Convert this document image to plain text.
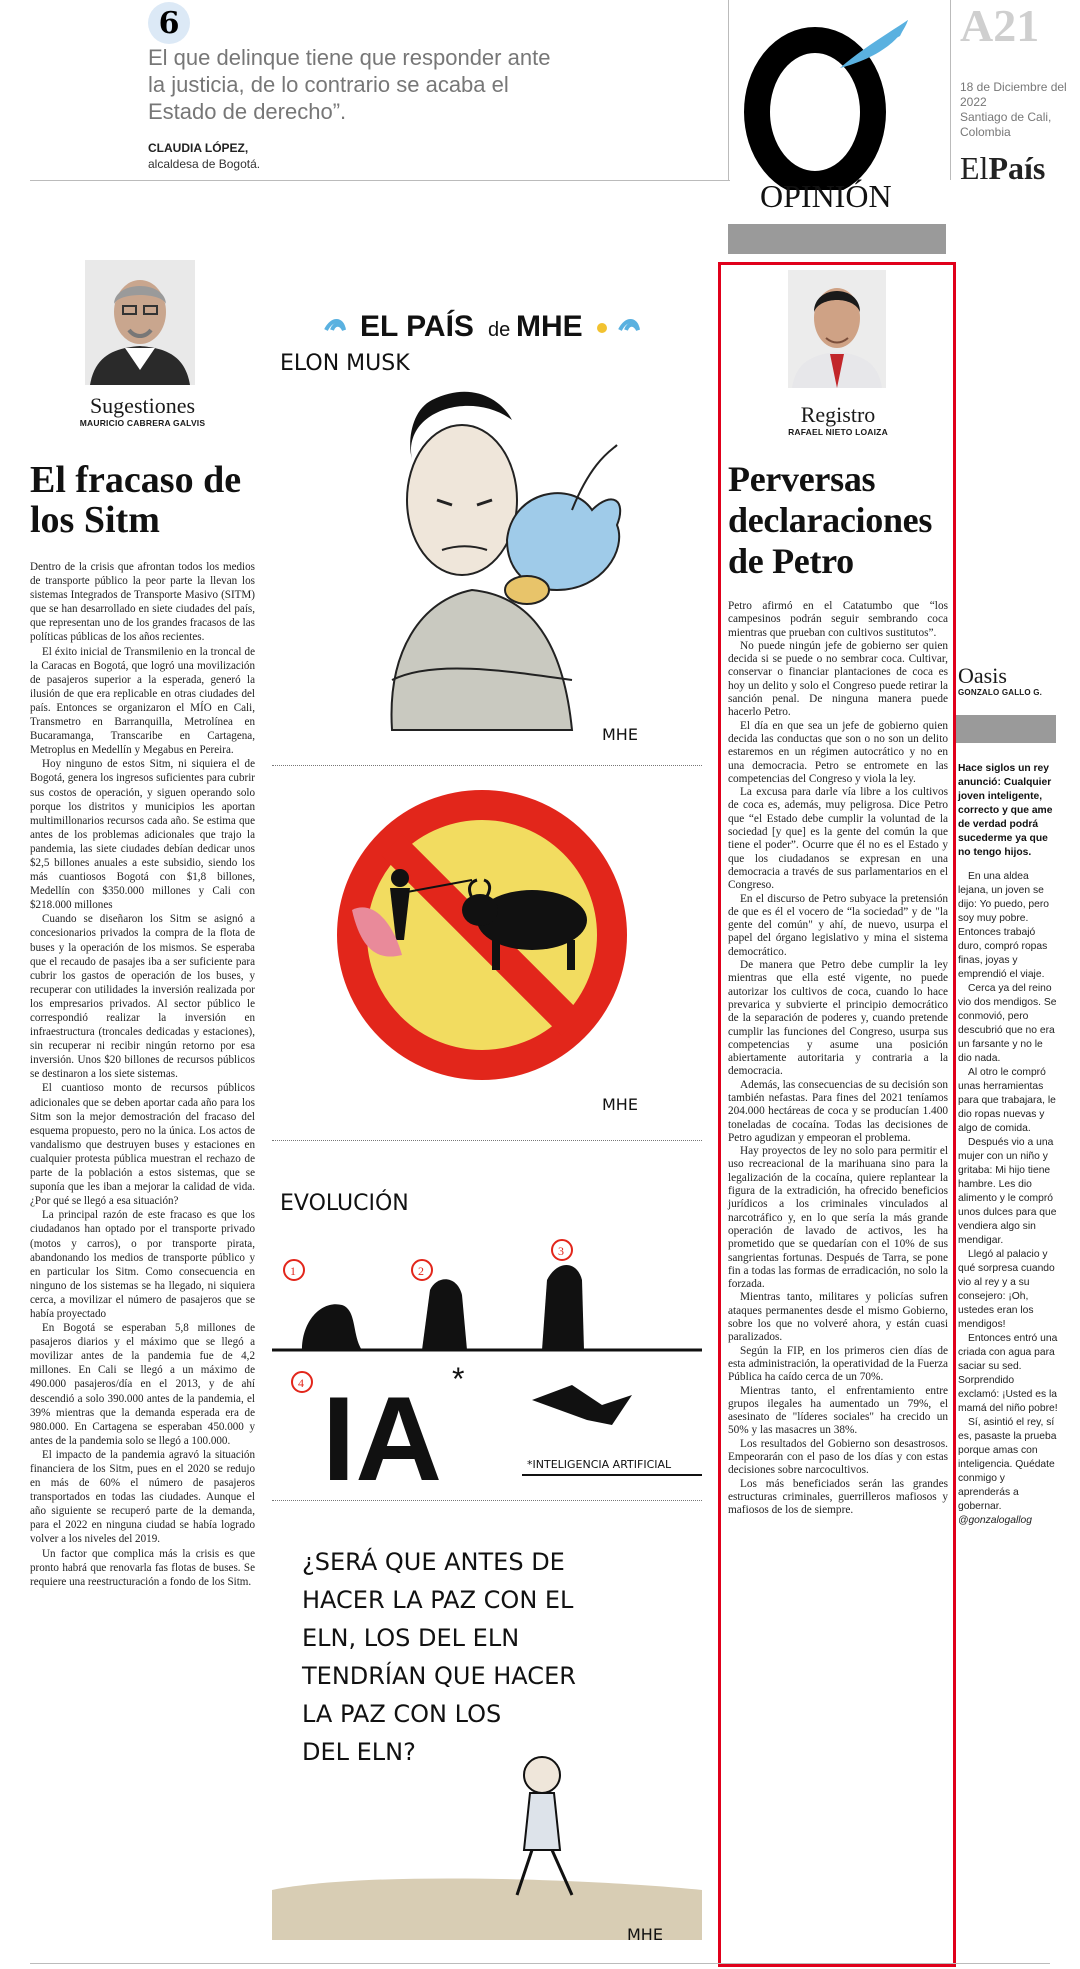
6
El que delinque tiene que responder ante la justicia, de lo contrario se acaba el Estado de derecho”.
CLAUDIA LÓPEZ,
alcaldesa de Bogotá.
OPINIÓN
A21
18 de Diciembre del 2022
Santiago de Cali, Colombia
ElPaís
Sugestiones
MAURICIO CABRERA GALVIS
El fracaso de los Sitm

Dentro de la crisis que afrontan todos los medios de transporte público la peor parte la llevan los sistemas Integrados de Transporte Masivo (SITM) que se han desarrollado en siete ciudades del país, que representan uno de los grandes fracasos de las políticas públicas de los años recientes.

El éxito inicial de Transmilenio en la troncal de la Caracas en Bogotá, que logró una movilización de pasajeros superior a la esperada, generó la ilusión de que era replicable en otras ciudades del país. Entonces se organizaron el MÍO en Cali, Transmetro en Barranquilla, Metrolínea en Bucaramanga, Transcaribe en Cartagena, Metroplus en Medellín y Megabus en Pereira.

Hoy ninguno de estos Sitm, ni siquiera el de Bogotá, genera los ingresos suficientes para cubrir sus costos de operación, y siguen operando solo porque los distritos y municipios les aportan multimillonarios recursos cada año. Se estima que antes de los problemas adicionales que trajo la pandemia, las siete ciudades debían dedicar unos $2,5 billones anuales a este subsidio, siendo los más cuantiosos Bogotá con $1,8 billones, Medellín con $350.000 millones y Cali con $218.000 millones

Cuando se diseñaron los Sitm se asignó a concesionarios privados la compra de la flota de buses y la operación de los mismos. Se esperaba que el recaudo de pasajes iba a ser suficiente para cubrir los gastos de operación de los buses, y recuperar con utilidades la inversión realizada por los empresarios privados. Al sector público le correspondió realizar la inversión en infraestructura (troncales dedicadas y estaciones), sin recuperar ni recibir ningún retorno por esa inversión. Unos $20 billones de recursos públicos se destinaron a los siete sistemas.

El cuantioso monto de recursos públicos adicionales que se deben aportar cada año para los Sitm son la mejor demostración del fracaso del esquema propuesto, pero no la única. Los actos de vandalismo que destruyen buses y estaciones en cualquier protesta pública muestran el rechazo de parte de la población a estos sistemas, que se suponía que les iban a mejorar la calidad de vida. ¿Por qué se llegó a esa situación?

La principal razón de este fracaso es que los ciudadanos han optado por el transporte privado (motos y carros), o por transporte pirata, abandonando los medios de transporte público y en particular los Sitm. Como consecuencia en ninguno de los sistemas se ha llegado, ni siquiera cerca, a movilizar el número de pasajeros que se había proyectado

En Bogotá se esperaban 5,8 millones de pasajeros diarios y el máximo que se llegó a movilizar antes de la pandemia fue de 4,2 millones. En Cali se llegó a un máximo de 490.000 pasajeros/día en el 2013, y de ahí descendió a solo 390.000 antes de la pandemia, el 39% mientras que la demanda esperada era de 980.000. En Cartagena se esperaban 450.000 y antes de la pandemia solo se llegó a 100.000.

El impacto de la pandemia agravó la situación financiera de los Sitm, pues en el 2020 se redujo en más de 60% el número de pasajeros transportados en todas las ciudades. Aunque el año siguiente se recuperó parte de la demanda, para el 2022 en ninguna ciudad se había logrado volver a los niveles del 2019.

Un factor que complica más la crisis es que pronto habrá que renovarla fas flotas de buses. Se requiere una reestructuración a fondo de los Sitm.

EL PAÍS de MHE
ELON MUSK
MHE
MHE
EVOLUCIÓN
1	2
3
4 IA *
*INTELIGENCIA ARTIFICIAL
¿SERÁ QUE ANTES DE
HACER LA PAZ CON EL
ELN, LOS DEL ELN
TENDRÍAN QUE HACER
LA PAZ CON LOS
DEL ELN?
MHE
Registro
RAFAEL NIETO LOAIZA
Perversas declaraciones de Petro

Petro afirmó en el Catatumbo que “los campesinos podrán seguir sembrando coca mientras que prueban con cultivos sustitutos”.

No puede ningún jefe de gobierno ser quien decida si se puede o no sembrar coca. Cultivar, conservar o financiar plantaciones de coca es hoy un delito y solo el Congreso puede retirar la sanción penal. De ninguna manera puede hacerlo Petro.

El día en que sea un jefe de gobierno quien decida las conductas que son o no son un delito estaremos en un régimen autocrático y no en una democracia. Petro se entromete en las competencias del Congreso y viola la ley.

La excusa para darle vía libre a los cultivos de coca es, además, muy peligrosa. Dice Petro que “el Estado debe cumplir la voluntad de la sociedad [y que] es la gente del común la que tiene el poder”. Ocurre que él no es el Estado y que los ciudadanos se expresan en una democracia a través de sus parlamentarios en el Congreso.

En el discurso de Petro subyace la pretensión de que es él el vocero de “la sociedad” y de "la gente del común" y ahí, de nuevo, usurpa el papel del órgano legislativo y mina el sistema democrático.

De manera que Petro debe cumplir la ley mientras que ella esté vigente, no puede autorizar los cultivos de coca, cuando lo hace prevarica y subvierte el principio democrático de la separación de poderes y, cuando pretende cumplir las funciones del Congreso, usurpa sus competencias y asume una posición abiertamente autoritaria y contraria a la democracia.

Además, las consecuencias de su decisión son también nefastas. Para fines del 2021 teníamos 204.000 hectáreas de coca y se producían 1.400 toneladas de cocaína. Todas las decisiones de Petro agudizan y empeoran el problema.

Hay proyectos de ley no solo para permitir el uso recreacional de la marihuana sino para la legalización de la cocaína, quiere replantear la figura de la extradición, ha ofrecido beneficios jurídicos a los criminales vinculados al narcotráfico y, en lo que sería la más grande operación de lavado de activos, les ha prometido que se quedarían con el 10% de sus sangrientas fortunas. Después de Tarra, se pone fin a todas las formas de erradicación, no solo la forzada.

Mientras tanto, militares y policías sufren ataques permanentes desde el mismo Gobierno, sobre los que no volveré ahora, y están cuasi paralizados.

Según la FIP, en los primeros cien días de esta administración, la operatividad de la Fuerza Pública ha caído cerca de un 70%.

Mientras tanto, el enfrentamiento entre grupos ilegales ha aumentado un 79%, el asesinato de "líderes sociales" ha crecido un 50% y las masacres un 38%.

Los resultados del Gobierno son desastrosos. Empeorarán con el paso de los días y con estas decisiones sobre narcocultivos.

Los más beneficiados serán las grandes estructuras criminales, guerrilleros mafiosos y mafiosos de los de siempre.

Oasis
GONZALO GALLO G.
Hace siglos un rey anunció: Cualquier joven inteligente, correcto y que ame de verdad podrá sucederme ya que no tengo hijos.

En una aldea lejana, un joven se dijo: Yo puedo, pero soy muy pobre. Entonces trabajó duro, compró ropas finas, joyas y emprendió el viaje.

Cerca ya del reino vio dos mendigos. Se conmovió, pero descubrió que no era un farsante y no le dio nada.

Al otro le compró unas herramientas para que trabajara, le dio ropas nuevas y algo de comida.

Después vio a una mujer con un niño y gritaba: Mi hijo tiene hambre. Les dio alimento y le compró unos dulces para que vendiera algo sin mendigar.

Llegó al palacio y qué sorpresa cuando vio al rey y a su consejero: ¡Oh, ustedes eran los mendigos!

Entonces entró una criada con agua para saciar su sed. Sorprendido exclamó: ¡Usted es la mamá del niño pobre!

Sí, asintió el rey, sí es, pasaste la prueba porque amas con inteligencia. Quédate conmigo y aprenderás a gobernar.

@gonzalogallog
